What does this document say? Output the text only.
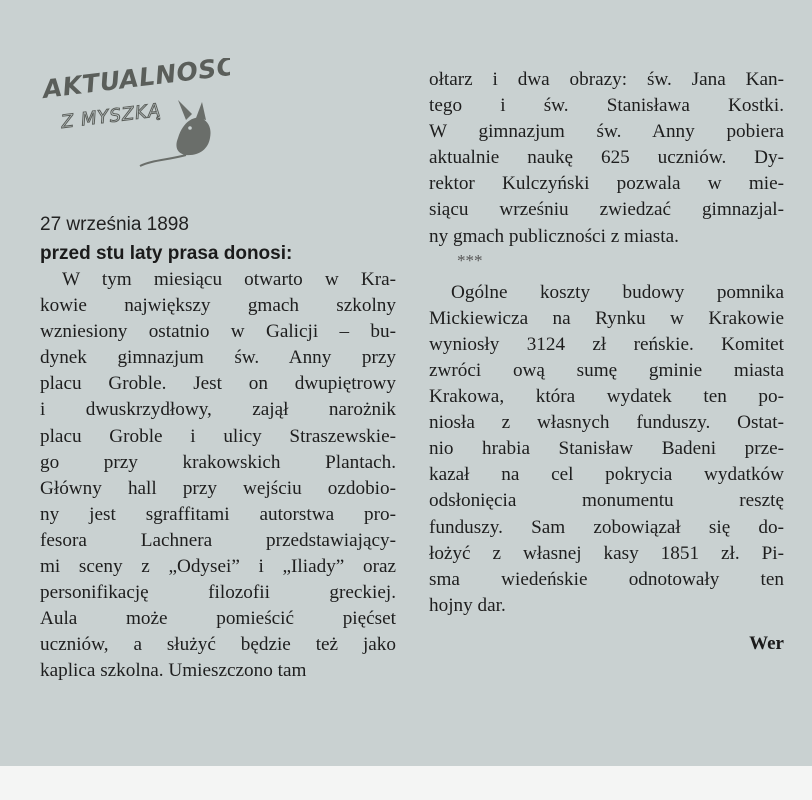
AKTUALNOŚCI
Z MYSZKĄ
27 września 1898
przed stu laty prasa donosi:
W tym miesiącu otwarto w Kra-
kowie największy gmach szkolny
wzniesiony ostatnio w Galicji – bu-
dynek gimnazjum św. Anny przy
placu Groble. Jest on dwupiętrowy
i dwuskrzydłowy, zajął narożnik
placu Groble i ulicy Straszewskie-
go przy krakowskich Plantach.
Główny hall przy wejściu ozdobio-
ny jest sgraffitami autorstwa pro-
fesora Lachnera przedstawiający-
mi sceny z „Odysei” i „Iliady” oraz
personifikację filozofii greckiej.
Aula może pomieścić pięćset
uczniów, a służyć będzie też jako
kaplica szkolna. Umieszczono tam
ołtarz i dwa obrazy: św. Jana Kan-
tego i św. Stanisława Kostki.
W gimnazjum św. Anny pobiera
aktualnie naukę 625 uczniów. Dy-
rektor Kulczyński pozwala w mie-
siącu wrześniu zwiedzać gimnazjal-
ny gmach publiczności z miasta.
***
Ogólne koszty budowy pomnika
Mickiewicza na Rynku w Krakowie
wyniosły 3124 zł reńskie. Komitet
zwróci ową sumę gminie miasta
Krakowa, która wydatek ten po-
niosła z własnych funduszy. Ostat-
nio hrabia Stanisław Badeni prze-
kazał na cel pokrycia wydatków
odsłonięcia monumentu resztę
funduszy. Sam zobowiązał się do-
łożyć z własnej kasy 1851 zł. Pi-
sma wiedeńskie odnotowały ten
hojny dar.
Wer
